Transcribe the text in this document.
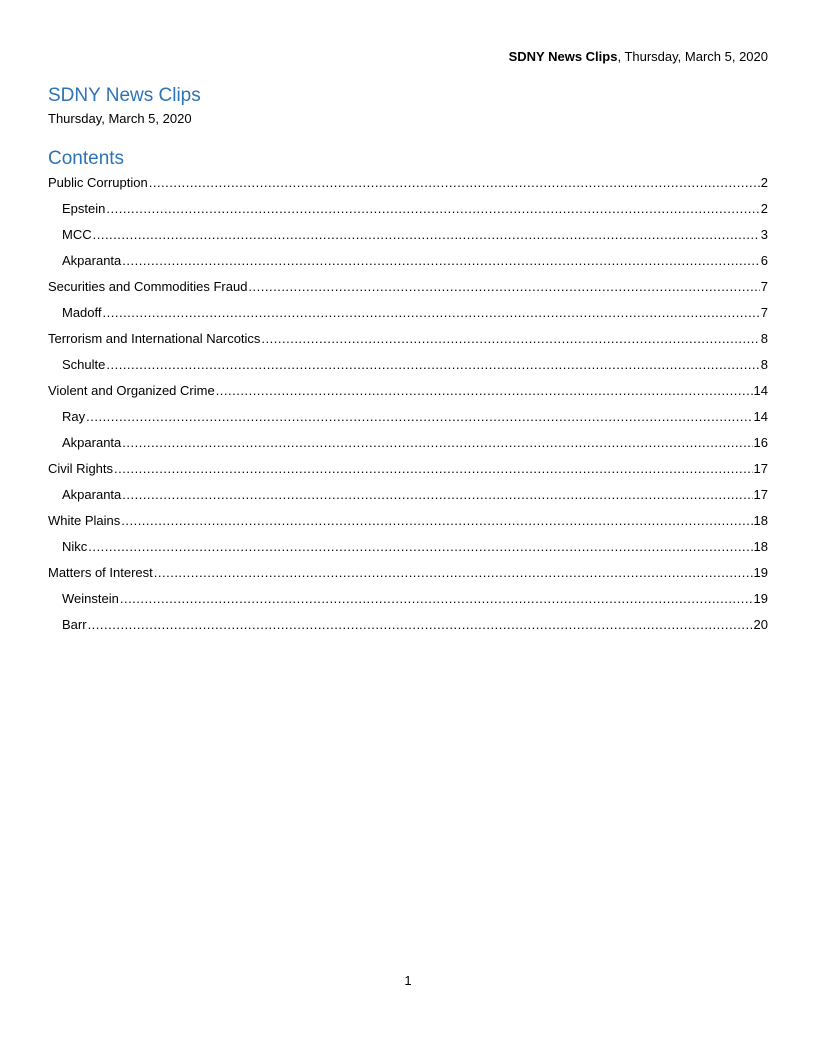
SDNY News Clips, Thursday, March 5, 2020
SDNY News Clips
Thursday, March 5, 2020
Contents
Public Corruption .....	2
Epstein .....	2
MCC .....	3
Akparanta .....	6
Securities and Commodities Fraud .....	7
Madoff .....	7
Terrorism and International Narcotics .....	8
Schulte .....	8
Violent and Organized Crime .....	14
Ray .....	14
Akparanta .....	16
Civil Rights .....	17
Akparanta .....	17
White Plains .....	18
Nikc .....	18
Matters of Interest .....	19
Weinstein .....	19
Barr .....	20
1
